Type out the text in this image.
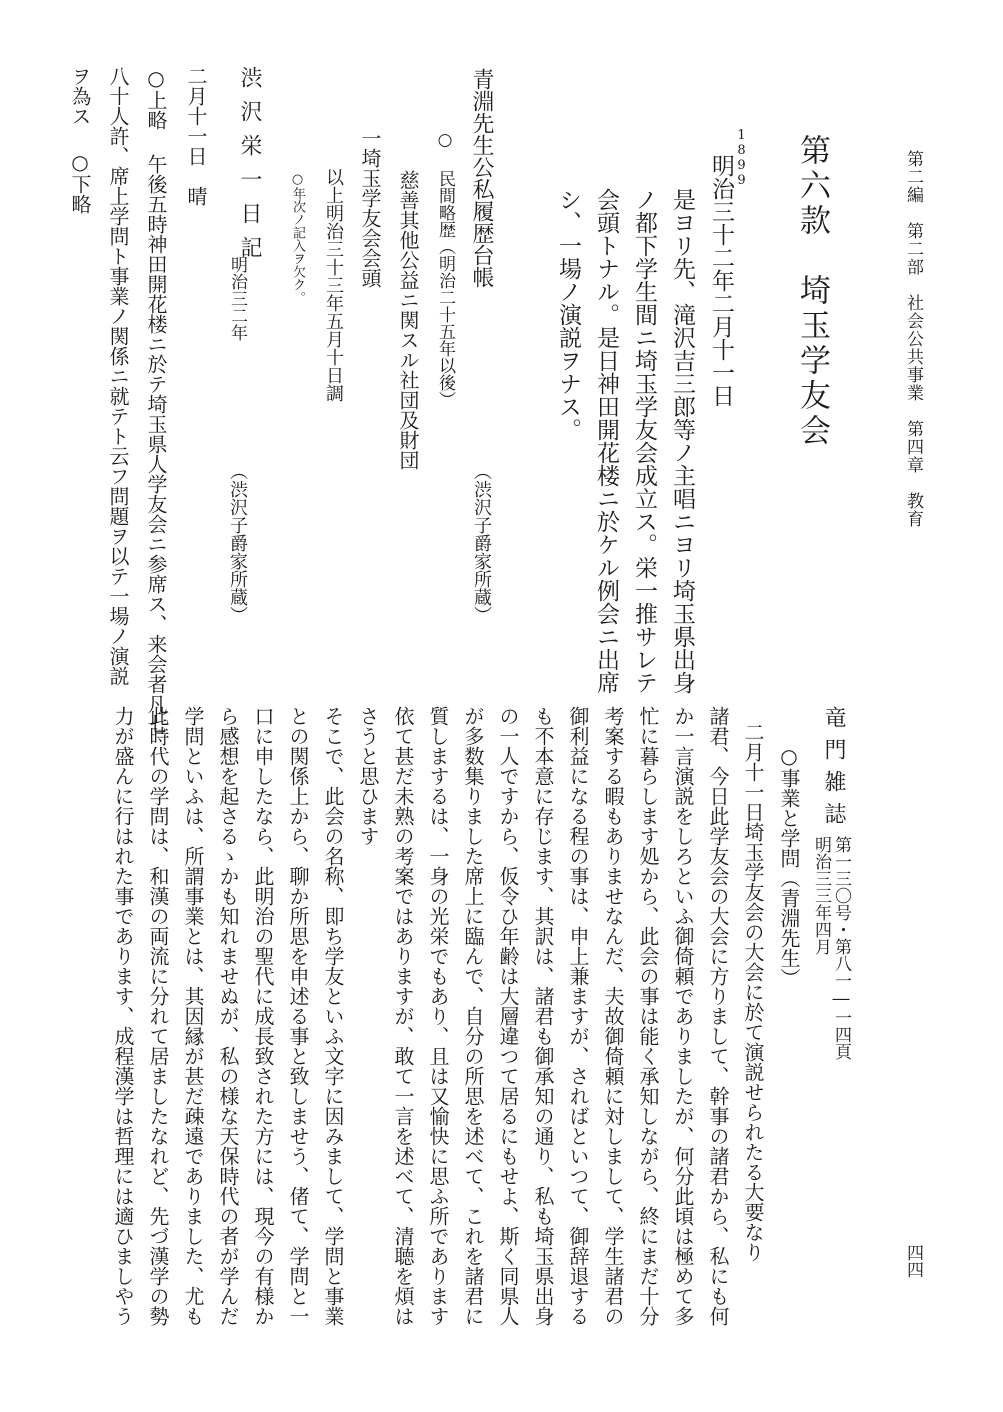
第二編　第二部　社会公共事業　第四章　教育
四四
第六款　埼玉学友会
1899
明治三十二年二月十一日
是ヨリ先、滝沢吉三郎等ノ主唱ニヨリ埼玉県出身
ノ都下学生間ニ埼玉学友会成立ス。栄一推サレテ
会頭トナル。是日神田開花楼ニ於ケル例会ニ出席
シ、一場ノ演説ヲナス。
青淵先生公私履歴台帳
（渋沢子爵家所蔵）
○ 民間略歴（明治二十五年以後）
慈善其他公益ニ関スル社団及財団
一埼玉学友会会頭
以上明治三十三年五月十日調
○年次ノ記入ヲ欠ク。
渋沢栄一日記
明治三二年
（渋沢子爵家所蔵）
二月十一日　晴
○上略 午後五時神田開花楼ニ於テ埼玉県人学友会ニ参席ス、来会者凡七
八十人許、席上学問ト事業ノ関係ニ就テト云フ問題ヲ以テ一場ノ演説
ヲ為ス ○下略
竜門雑誌
第一三〇号・第八一―一四頁
明治三三年四月
○事業と学問（青淵先生）
二月十一日埼玉学友会の大会に於て演説せられたる大要なり
諸君、今日此学友会の大会に方りまして、幹事の諸君から、私にも何
か一言演説をしろといふ御倚頼でありましたが、何分此頃は極めて多
忙に暮らします処から、此会の事は能く承知しながら、終にまだ十分
考案する暇もありませなんだ、夫故御倚頼に対しまして、学生諸君の
御利益になる程の事は、申上兼ますが、さればといつて、御辞退する
も不本意に存じます、其訳は、諸君も御承知の通り、私も埼玉県出身
の一人ですから、仮令ひ年齢は大層違つて居るにもせよ、斯く同県人
が多数集りました席上に臨んで、自分の所思を述べて、これを諸君に
質しまするは、一身の光栄でもあり、且は又愉快に思ふ所であります
依て甚だ未熟の考案ではありますが、敢て一言を述べて、清聴を煩は
さうと思ひます
そこで、此会の名称、即ち学友といふ文字に因みまして、学問と事業
との関係上から、聊か所思を申述る事と致しませう、偖て、学問と一
口に申したなら、此明治の聖代に成長致された方には、現今の有様か
ら感想を起さるゝかも知れませぬが、私の様な天保時代の者が学んだ
学問といふは、所謂事業とは、其因縁が甚だ疎遠でありました、尤も
此時代の学問は、和漢の両流に分れて居ましたなれど、先づ漢学の勢
力が盛んに行はれた事であります、成程漢学は哲理には適ひましやう
